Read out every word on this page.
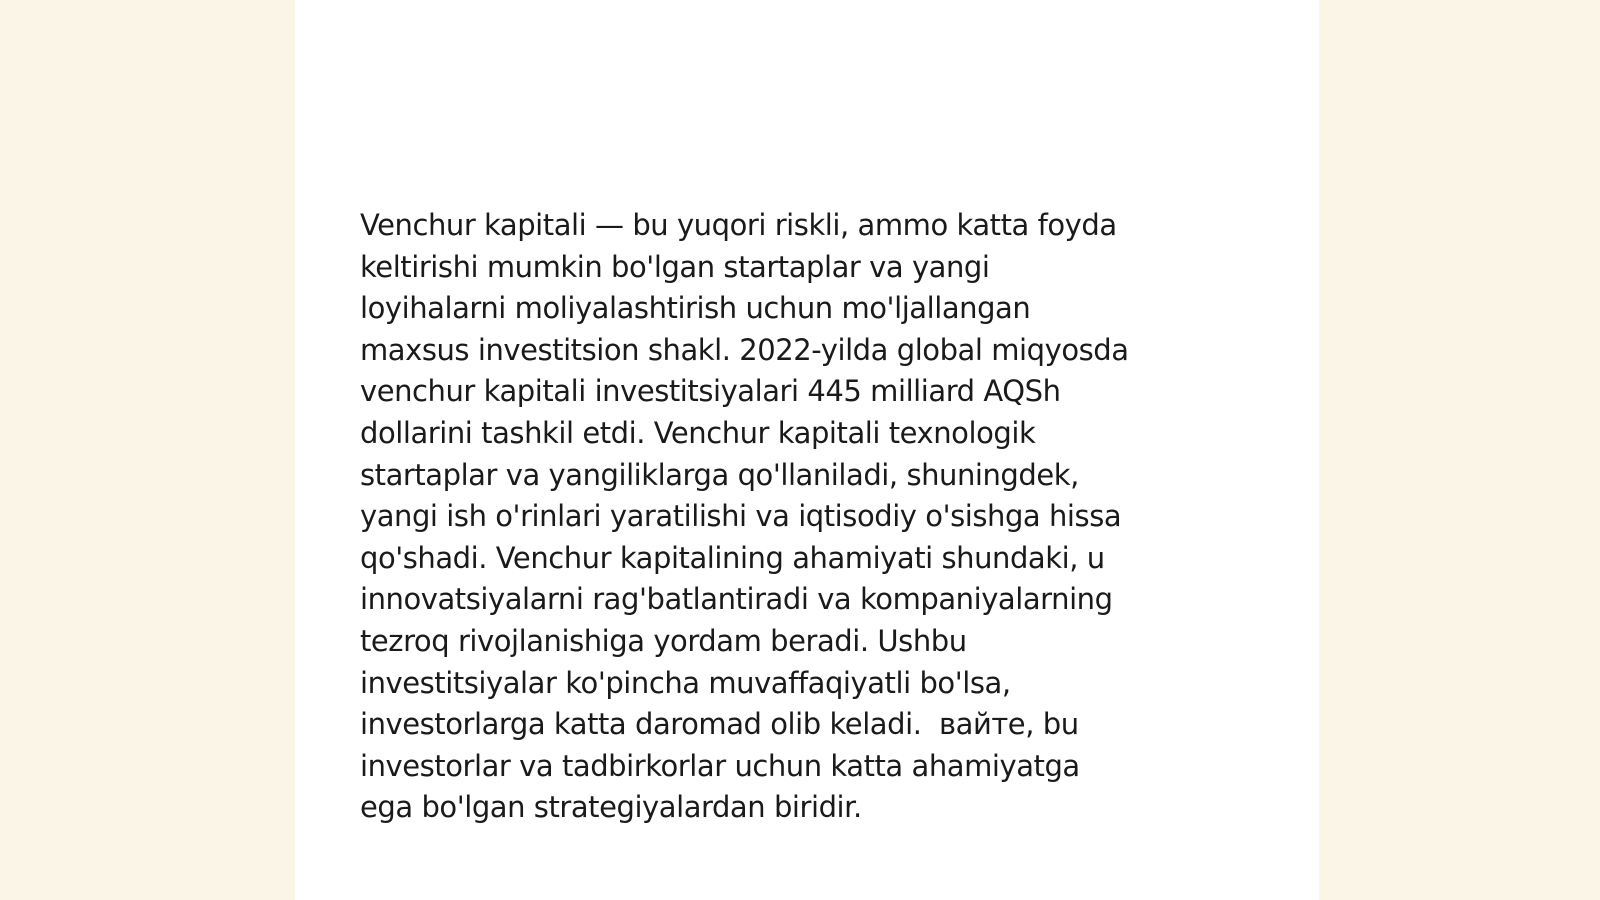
Venchur kapitali — bu yuqori riskli, ammo katta foyda
keltirishi mumkin bo'lgan startaplar va yangi
loyihalarni moliyalashtirish uchun mo'ljallangan
maxsus investitsion shakl. 2022-yilda global miqyosda
venchur kapitali investitsiyalari 445 milliard AQSh
dollarini tashkil etdi. Venchur kapitali texnologik
startaplar va yangiliklarga qo'llaniladi, shuningdek,
yangi ish o'rinlari yaratilishi va iqtisodiy o'sishga hissa
qo'shadi. Venchur kapitalining ahamiyati shundaki, u
innovatsiyalarni rag'batlantiradi va kompaniyalarning
tezroq rivojlanishiga yordam beradi. Ushbu
investitsiyalar ko'pincha muvaffaqiyatli bo'lsa,
investorlarga katta daromad olib keladi. ​​ вайте, bu
investorlar va tadbirkorlar uchun katta ahamiyatga
ega bo'lgan strategiyalardan biridir.
